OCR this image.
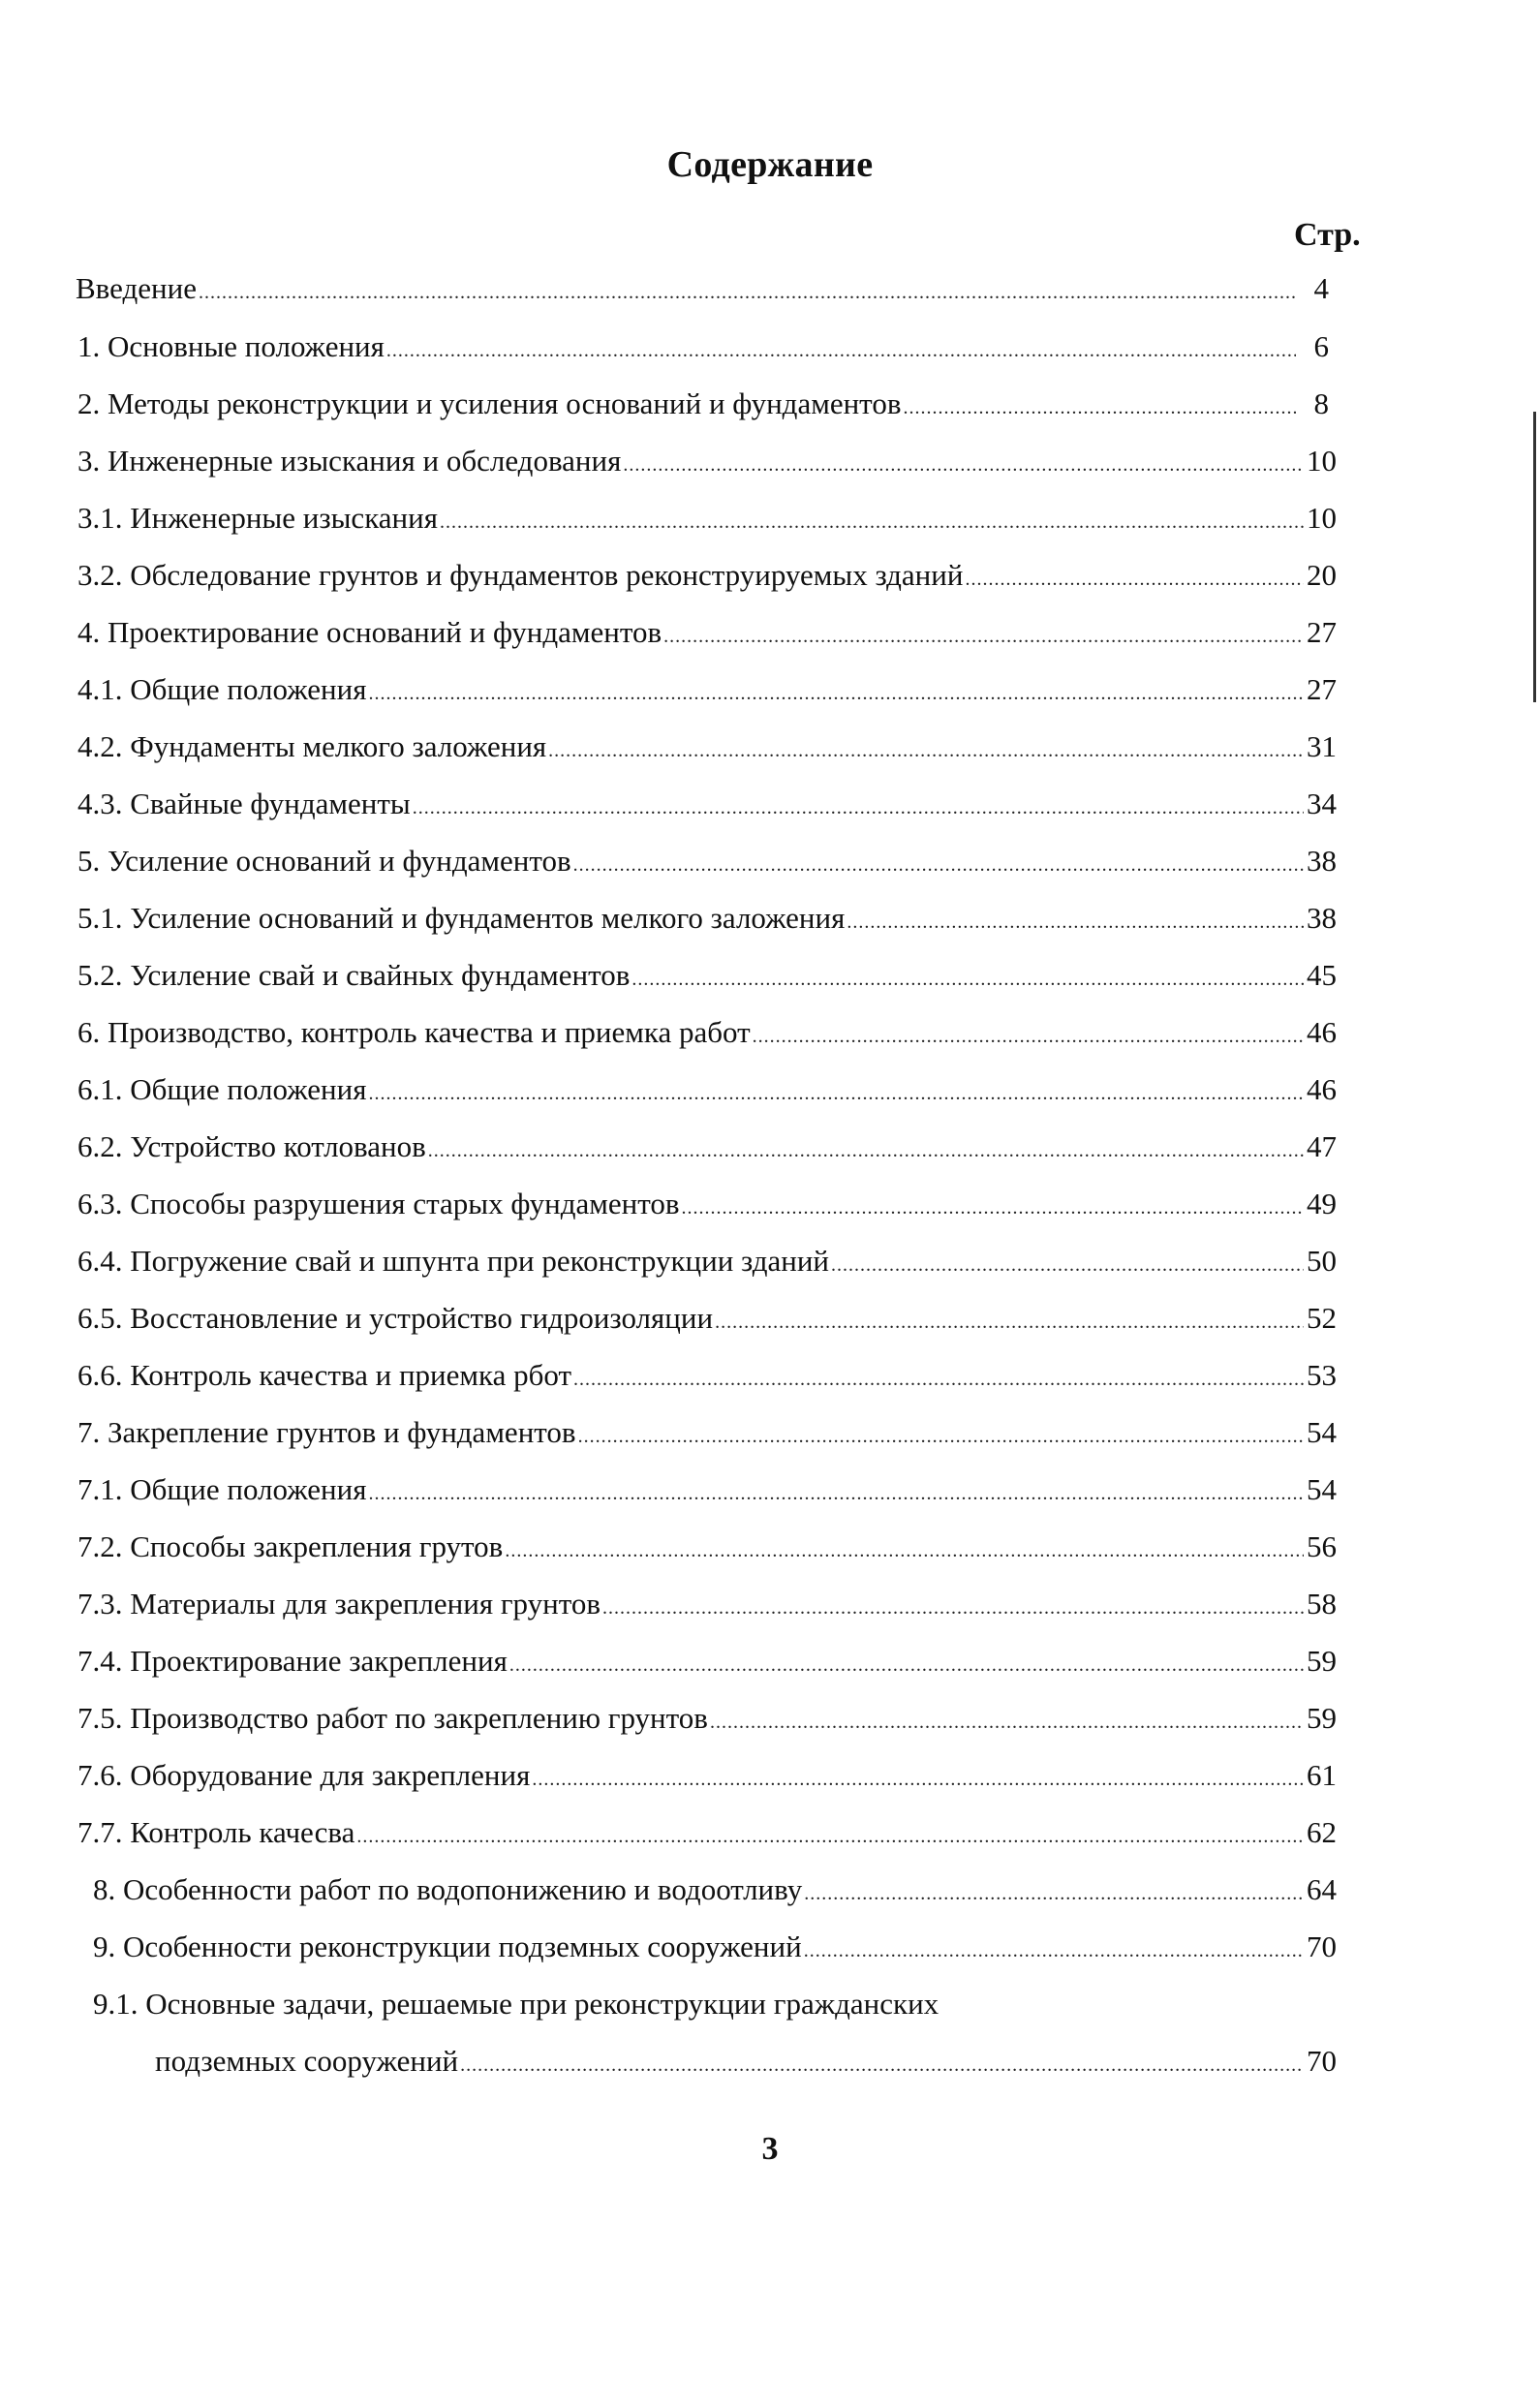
Содержание
Стр.
Введение .....	4
1. Основные положения .....	6
2. Методы реконструкции и усиления оснований и фундаментов .....	8
3. Инженерные изыскания и обследования .....	10
3.1. Инженерные изыскания .....	10
3.2. Обследование грунтов и фундаментов реконструируемых зданий .....	20
4. Проектирование оснований и фундаментов .....	27
4.1. Общие положения .....	27
4.2. Фундаменты мелкого заложения .....	31
4.3. Свайные фундаменты .....	34
5. Усиление оснований и фундаментов .....	38
5.1. Усиление оснований и фундаментов мелкого заложения .....	38
5.2. Усиление свай и свайных фундаментов .....	45
6. Производство, контроль качества и приемка работ .....	46
6.1. Общие положения .....	46
6.2. Устройство котлованов .....	47
6.3. Способы разрушения старых фундаментов .....	49
6.4. Погружение свай и шпунта при реконструкции зданий .....	50
6.5. Восстановление и устройство гидроизоляции .....	52
6.6. Контроль качества и приемка рбот .....	53
7. Закрепление грунтов и фундаментов .....	54
7.1. Общие положения .....	54
7.2. Способы закрепления грутов .....	56
7.3. Материалы для закрепления грунтов .....	58
7.4. Проектирование закрепления .....	59
7.5. Производство работ по закреплению грунтов .....	59
7.6. Оборудование для закрепления .....	61
7.7. Контроль качесва .....	62
8. Особенности работ по водопонижению и водоотливу .....	64
9. Особенности реконструкции подземных сооружений .....	70
9.1. Основные задачи, решаемые при реконструкции гражданских
подземных сооружений .....	70
3
